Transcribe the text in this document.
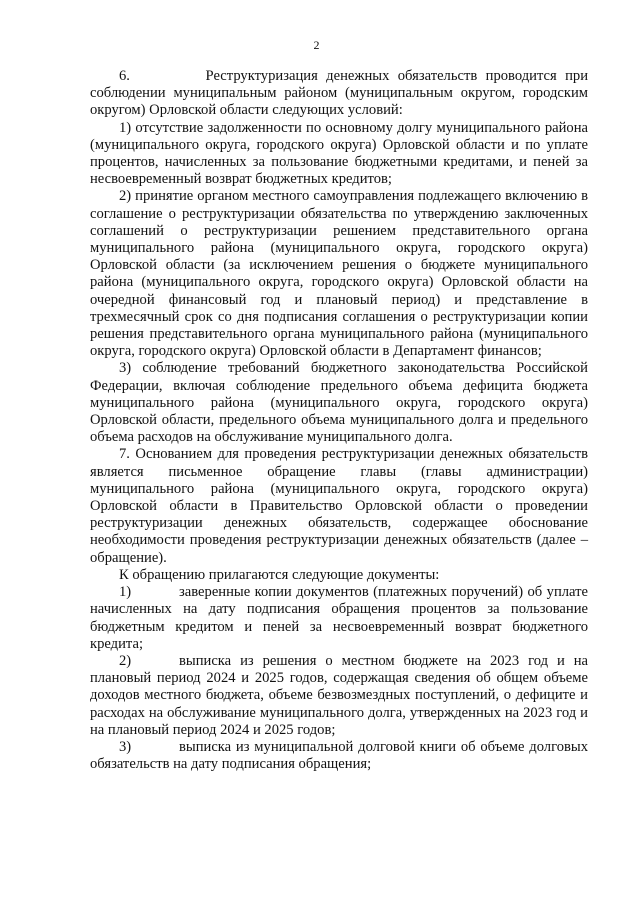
2

6.         Реструктуризация денежных обязательств проводится при соблюдении муниципальным районом (муниципальным округом, городским округом) Орловской области следующих условий:

1) отсутствие задолженности по основному долгу муниципального района (муниципального округа, городского округа) Орловской области и по уплате процентов, начисленных за пользование бюджетными кредитами, и пеней за несвоевременный возврат бюджетных кредитов;

2) принятие органом местного самоуправления подлежащего включению в соглашение о реструктуризации обязательства по утверждению заключенных соглашений о реструктуризации решением представительного органа муниципального района (муниципального округа, городского округа) Орловской области (за исключением решения о бюджете муниципального района (муниципального округа, городского округа) Орловской области на очередной финансовый год и плановый период) и представление в трехмесячный срок со дня подписания соглашения о реструктуризации копии решения представительного органа муниципального района (муниципального округа, городского округа) Орловской области в Департамент финансов;

3) соблюдение требований бюджетного законодательства Российской Федерации, включая соблюдение предельного объема дефицита бюджета муниципального района (муниципального округа, городского округа) Орловской области, предельного объема муниципального долга и предельного объема расходов на обслуживание муниципального долга.

7. Основанием для проведения реструктуризации денежных обязательств является письменное обращение главы (главы администрации) муниципального района (муниципального округа, городского округа) Орловской области в Правительство Орловской области о проведении реструктуризации денежных обязательств, содержащее обоснование необходимости проведения реструктуризации денежных обязательств (далее – обращение).

К обращению прилагаются следующие документы:

1)	заверенные копии документов (платежных поручений) об уплате начисленных на дату подписания обращения процентов за пользование бюджетным кредитом и пеней за несвоевременный возврат бюджетного кредита;

2)	выписка из решения о местном бюджете на 2023 год и на плановый период 2024 и 2025 годов, содержащая сведения об общем объеме доходов местного бюджета, объеме безвозмездных поступлений, о дефиците и расходах на обслуживание муниципального долга, утвержденных на 2023 год и на плановый период 2024 и 2025 годов;

3)	выписка из муниципальной долговой книги об объеме долговых обязательств на дату подписания обращения;
